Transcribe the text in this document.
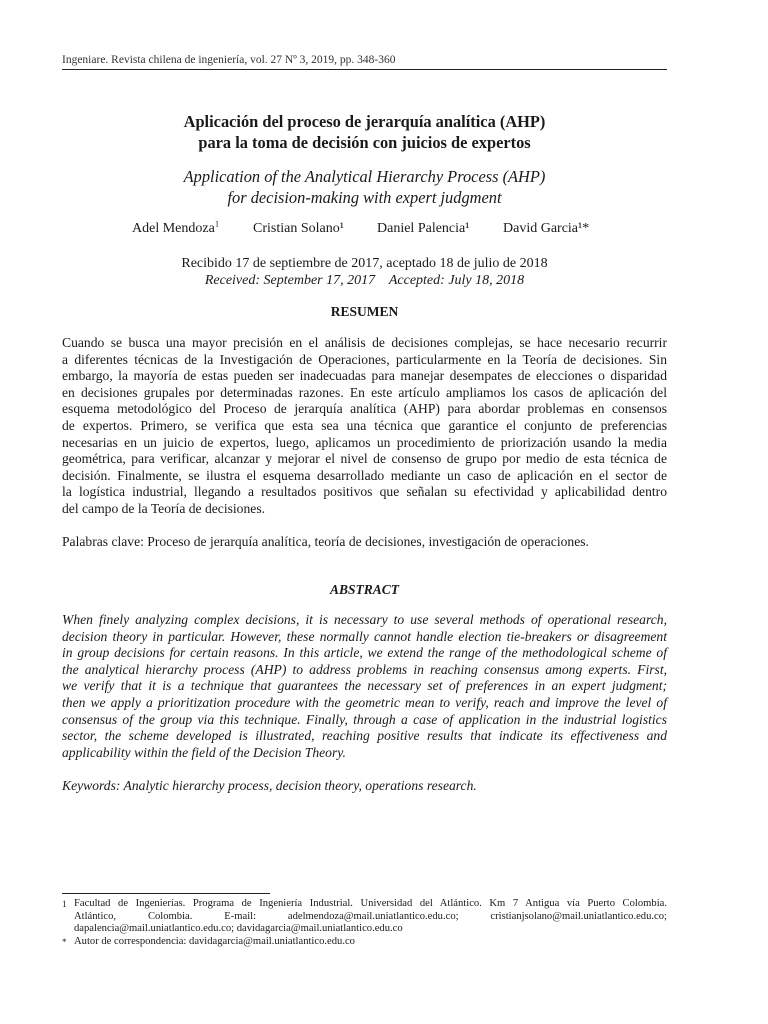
Ingeniare. Revista chilena de ingeniería, vol. 27 Nº 3, 2019, pp. 348-360
Aplicación del proceso de jerarquía analítica (AHP)
para la toma de decisión con juicios de expertos
Application of the Analytical Hierarchy Process (AHP)
for decision-making with expert judgment
Adel Mendoza$^1$ Cristian Solano¹ Daniel Palencia¹ David Garcia¹*
Recibido 17 de septiembre de 2017, aceptado 18 de julio de 2018
Received: September 17, 2017    Accepted: July 18, 2018
RESUMEN

Cuando se busca una mayor precisión en el análisis de decisiones complejas, se hace necesario recurrir
a diferentes técnicas de la Investigación de Operaciones, particularmente en la Teoría de decisiones. Sin
embargo, la mayoría de estas pueden ser inadecuadas para manejar desempates de elecciones o disparidad
en decisiones grupales por determinadas razones. En este artículo ampliamos los casos de aplicación del
esquema metodológico del Proceso de jerarquía analítica (AHP) para abordar problemas en consensos
de expertos. Primero, se verifica que esta sea una técnica que garantice el conjunto de preferencias
necesarias en un juicio de expertos, luego, aplicamos un procedimiento de priorización usando la media
geométrica, para verificar, alcanzar y mejorar el nivel de consenso de grupo por medio de esta técnica de
decisión. Finalmente, se ilustra el esquema desarrollado mediante un caso de aplicación en el sector de
la logística industrial, llegando a resultados positivos que señalan su efectividad y aplicabilidad dentro
del campo de la Teoría de decisiones.

Palabras clave: Proceso de jerarquía analítica, teoría de decisiones, investigación de operaciones.
ABSTRACT

When finely analyzing complex decisions, it is necessary to use several methods of operational research,
decision theory in particular. However, these normally cannot handle election tie-breakers or disagreement
in group decisions for certain reasons. In this article, we extend the range of the methodological scheme of
the analytical hierarchy process (AHP) to address problems in reaching consensus among experts. First,
we verify that it is a technique that guarantees the necessary set of preferences in an expert judgment;
then we apply a prioritization procedure with the geometric mean to verify, reach and improve the level of
consensus of the group via this technique. Finally, through a case of application in the industrial logistics
sector, the scheme developed is illustrated, reaching positive results that indicate its effectiveness and
applicability within the field of the Decision Theory.

Keywords: Analytic hierarchy process, decision theory, operations research.
1 Facultad de Ingenierías. Programa de Ingeniería Industrial. Universidad del Atlántico. Km 7 Antigua vía Puerto Colombia.
Atlántico, Colombia. E-mail: adelmendoza@mail.uniatlantico.edu.co; cristianjsolano@mail.uniatlantico.edu.co;
dapalencia@mail.uniatlantico.edu.co; davidagarcia@mail.uniatlantico.edu.co
* Autor de correspondencia: davidagarcia@mail.uniatlantico.edu.co
